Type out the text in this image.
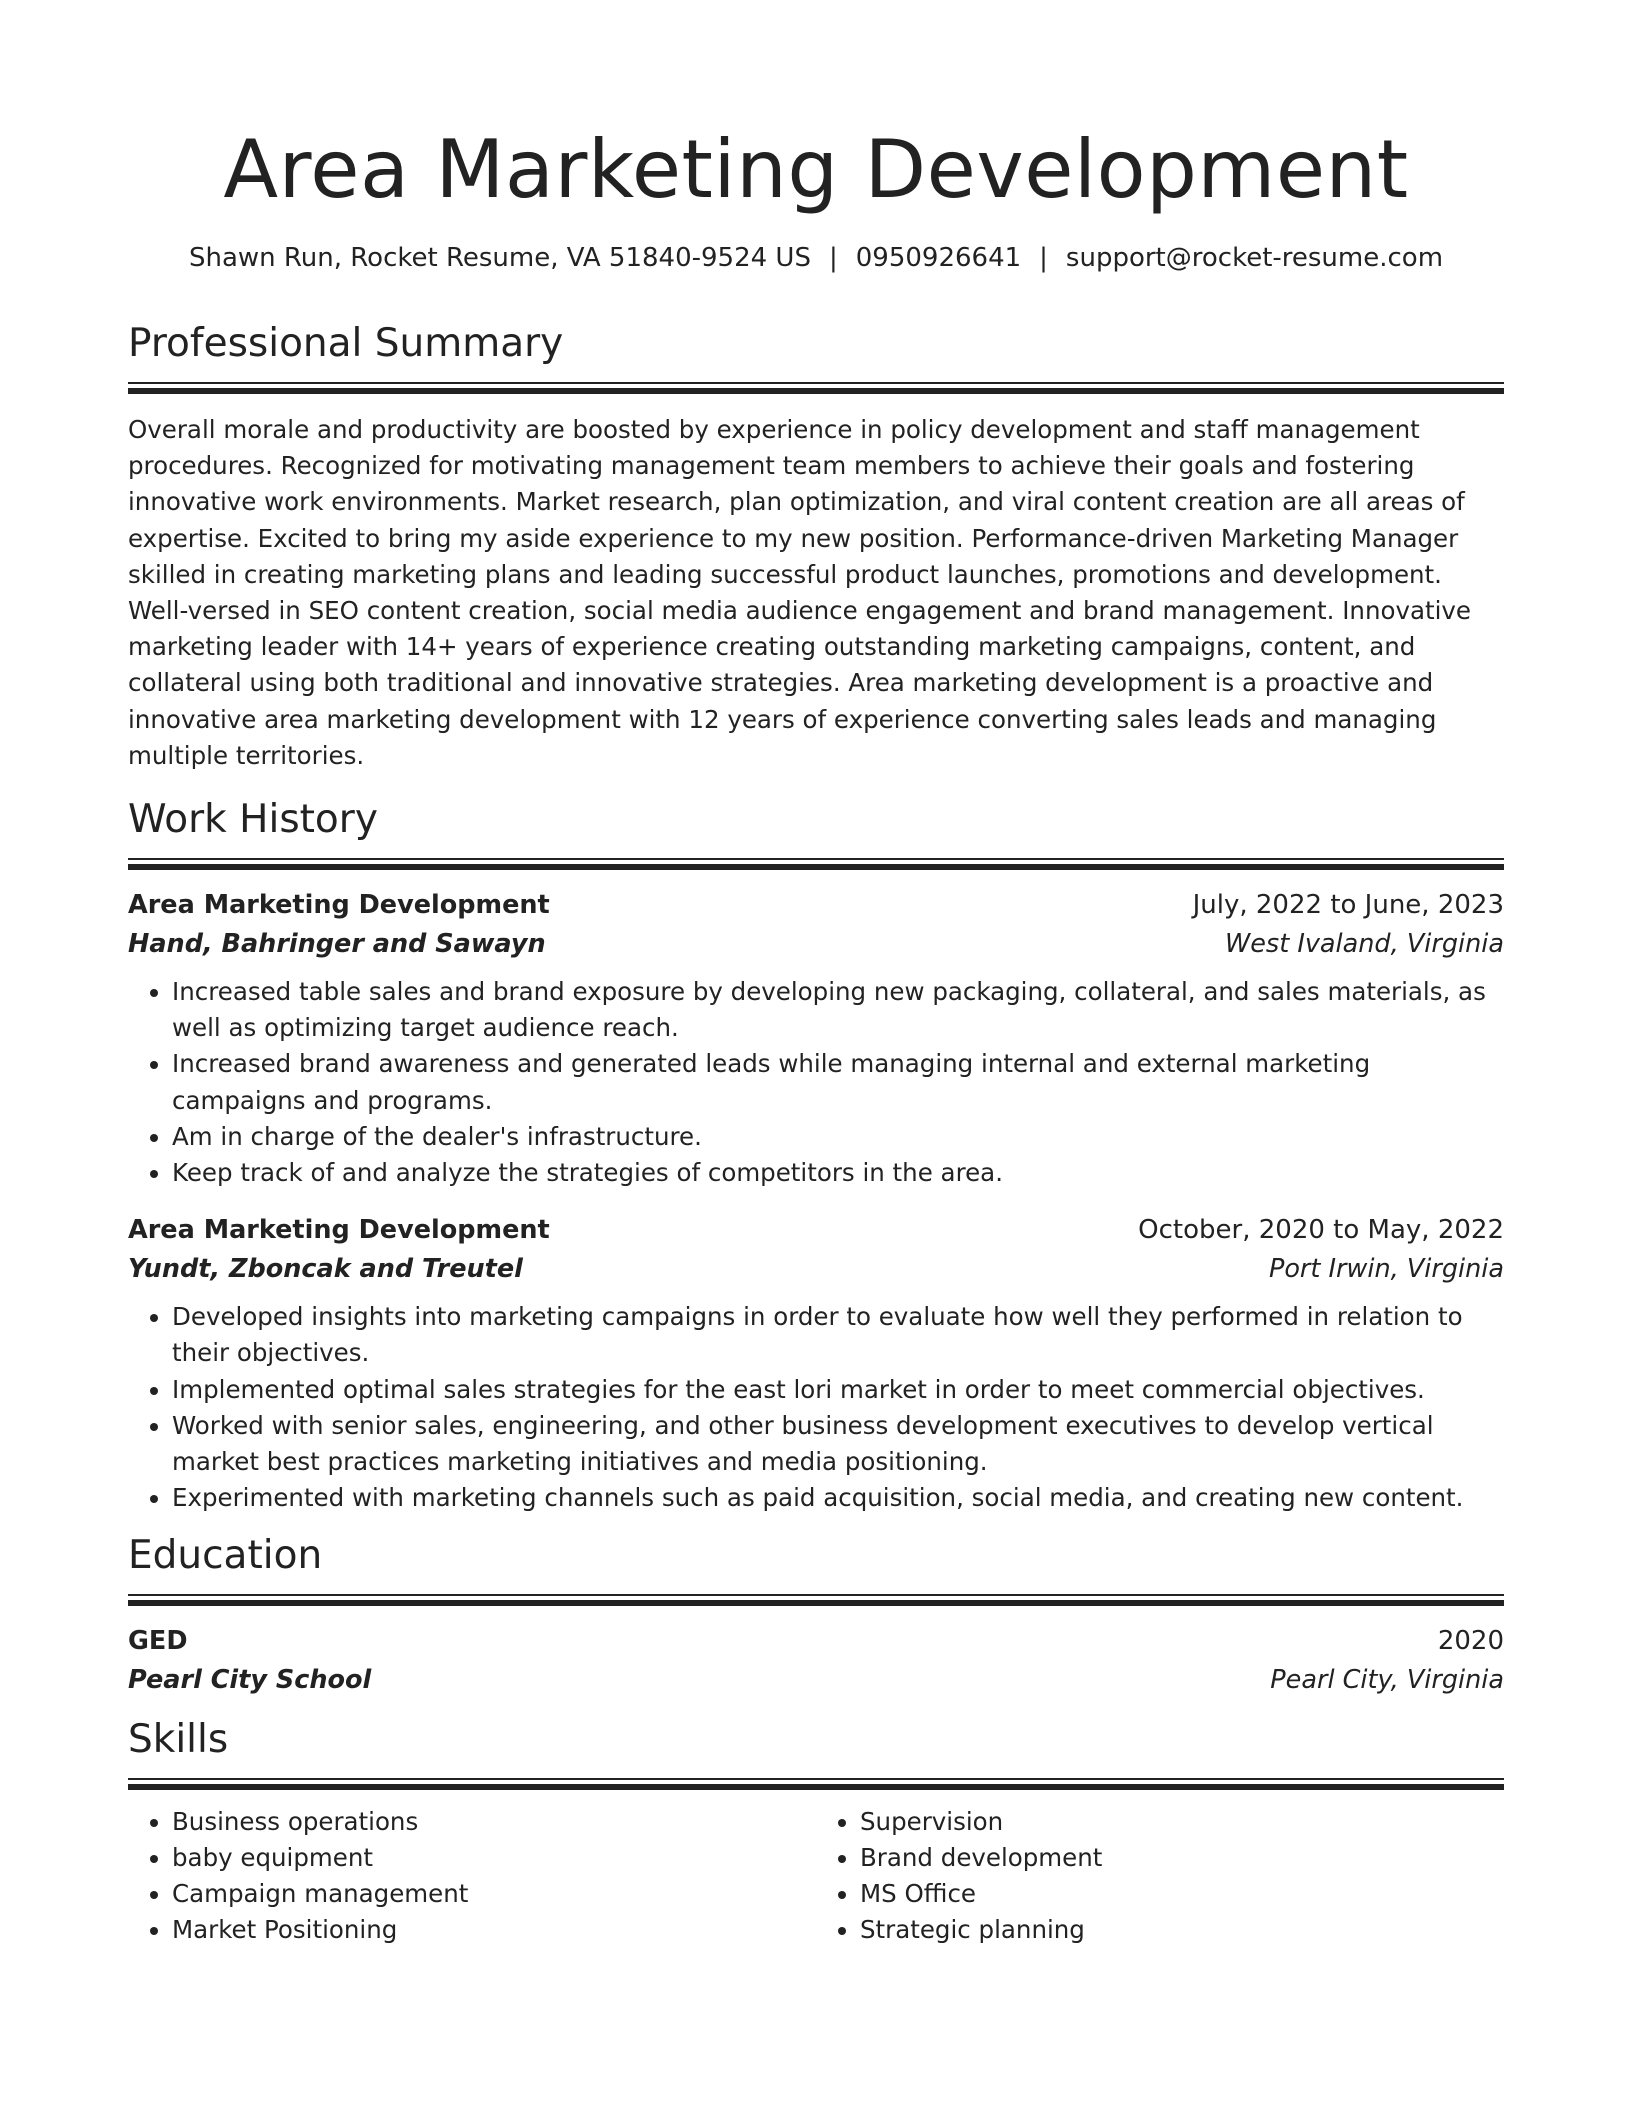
Area Marketing Development
Shawn Run, Rocket Resume, VA 51840-9524 US | 0950926641 | support@rocket-resume.com
Professional Summary

Overall morale and productivity are boosted by experience in policy development and staff management procedures. Recognized for motivating management team members to achieve their goals and fostering innovative work environments. Market research, plan optimization, and viral content creation are all areas of expertise. Excited to bring my aside experience to my new position. Performance-driven Marketing Manager skilled in creating marketing plans and leading successful product launches, promotions and development. Well-versed in SEO content creation, social media audience engagement and brand management. Innovative marketing leader with 14+ years of experience creating outstanding marketing campaigns, content, and collateral using both traditional and innovative strategies. Area marketing development is a proactive and innovative area marketing development with 12 years of experience converting sales leads and managing multiple territories.

Work History
Area Marketing Development	July, 2022 to June, 2023
Hand, Bahringer and Sawayn	West Ivaland, Virginia
• Increased table sales and brand exposure by developing new packaging, collateral, and sales materials, as well as optimizing target audience reach.
• Increased brand awareness and generated leads while managing internal and external marketing campaigns and programs.
• Am in charge of the dealer's infrastructure.
• Keep track of and analyze the strategies of competitors in the area.
Area Marketing Development	October, 2020 to May, 2022
Yundt, Zboncak and Treutel	Port Irwin, Virginia
• Developed insights into marketing campaigns in order to evaluate how well they performed in relation to their objectives.
• Implemented optimal sales strategies for the east lori market in order to meet commercial objectives.
• Worked with senior sales, engineering, and other business development executives to develop vertical market best practices marketing initiatives and media positioning.
• Experimented with marketing channels such as paid acquisition, social media, and creating new content.
Education
GED	2020
Pearl City School	Pearl City, Virginia
Skills
• Business operations
• baby equipment
• Campaign management
• Market Positioning
• Supervision
• Brand development
• MS Office
• Strategic planning
